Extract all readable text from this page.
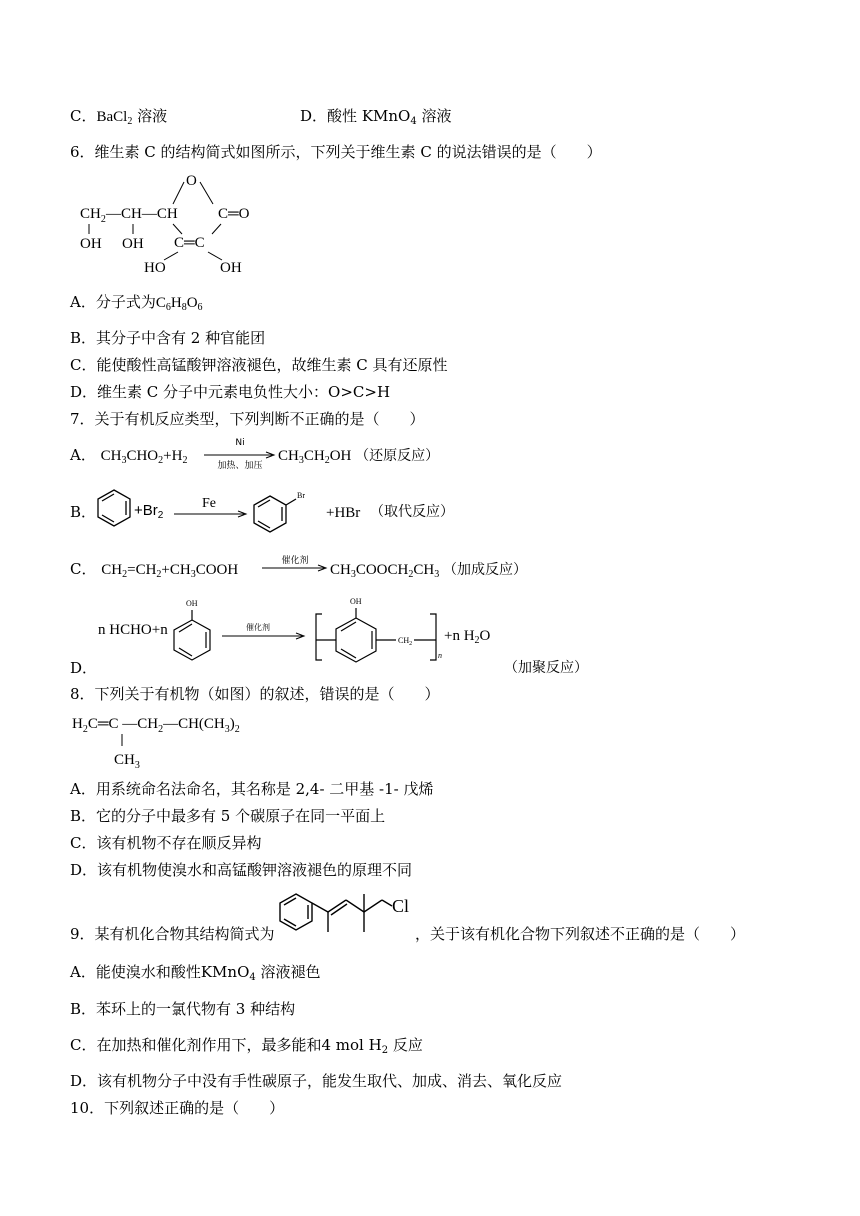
C．BaCl$_2$ 溶液	D．酸性 KMnO$_4$ 溶液
6．维生素 C 的结构简式如图所示，下列关于维生素 C 的说法错误的是（　　）
O
$CH_2$ —CH—CH	C═O
OH OH C═C
HO	OH
A．分子式为$C_6H_8O_6$
B．其分子中含有 2 种官能团
C．能使酸性高锰酸钾溶液褪色，故维生素 C 具有还原性
D．维生素 C 分子中元素电负性大小：O>C>H
7．关于有机反应类型，下列判断不正确的是（　　）
A． $CH_3CHO_2+H_2$
Ni
加热、加压
$CH_3CH_2OH$ （还原反应）
B．	$+Br_2$
Fe
Br
+HBr （取代反应）
C． $CH_2=CH_2+CH_3COOH$
催化剂
$CH_3COOCH_2CH_3$ （加成反应）
n HCHO+n
OH
催化剂
OH
$CH_2$
n
+n $H_2O$
D．	（加聚反应）
8．下列关于有机物（如图）的叙述，错误的是（　　）
$H_2C═C$ $—CH_2—CH(CH_3)_2$
$CH_3$
A．用系统命名法命名，其名称是 2,4- 二甲基 -1- 戊烯
B．它的分子中最多有 5 个碳原子在同一平面上
C．该有机物不存在顺反异构
D．该有机物使溴水和高锰酸钾溶液褪色的原理不同
9．某有机化合物其结构简式为
Cl
，关于该有机化合物下列叙述不正确的是（　　）
A．能使溴水和酸性KMnO$_4$ 溶液褪色
B．苯环上的一氯代物有 3 种结构
C．在加热和催化剂作用下，最多能和4 mol $H_2$ 反应
D．该有机物分子中没有手性碳原子，能发生取代、加成、消去、氧化反应
10．下列叙述正确的是（　　）
